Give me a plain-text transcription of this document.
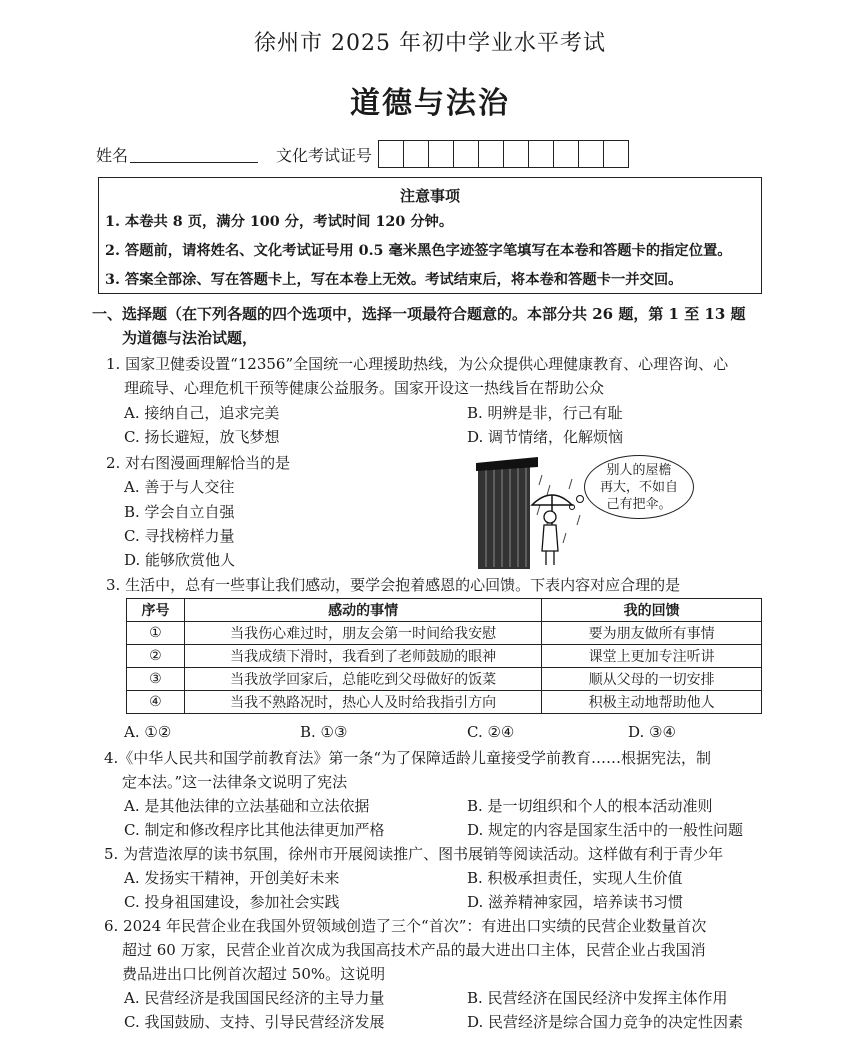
徐州市 2025 年初中学业水平考试
道德与法治
姓名	文化考试证号
注意事项
1. 本卷共 8 页，满分 100 分，考试时间 120 分钟。
2. 答题前，请将姓名、文化考试证号用 0.5 毫米黑色字迹签字笔填写在本卷和答题卡的指定位置。
3. 答案全部涂、写在答题卡上，写在本卷上无效。考试结束后，将本卷和答题卡一并交回。
一、选择题（在下列各题的四个选项中，选择一项最符合题意的。本部分共 26 题，第 1 至 13 题
为道德与法治试题，
1. 国家卫健委设置“12356”全国统一心理援助热线，为公众提供心理健康教育、心理咨询、心
理疏导、心理危机干预等健康公益服务。国家开设这一热线旨在帮助公众
A. 接纳自己，追求完美	B. 明辨是非，行己有耻
C. 扬长避短，放飞梦想	D. 调节情绪，化解烦恼
2. 对右图漫画理解恰当的是
A. 善于与人交往
B. 学会自立自强
C. 寻找榜样力量
D. 能够欣赏他人
别人的屋檐
再大，不如自
己有把伞。
3. 生活中，总有一些事让我们感动，要学会抱着感恩的心回馈。下表内容对应合理的是
序号	感动的事情	我的回馈
①	当我伤心难过时，朋友会第一时间给我安慰	要为朋友做所有事情
②	当我成绩下滑时，我看到了老师鼓励的眼神	课堂上更加专注听讲
③	当我放学回家后，总能吃到父母做好的饭菜	顺从父母的一切安排
④	当我不熟路况时，热心人及时给我指引方向	积极主动地帮助他人
A. ①②	B. ①③	C. ②④	D. ③④
4.《中华人民共和国学前教育法》第一条“为了保障适龄儿童接受学前教育……根据宪法，制
定本法。”这一法律条文说明了宪法
A. 是其他法律的立法基础和立法依据	B. 是一切组织和个人的根本活动准则
C. 制定和修改程序比其他法律更加严格	D. 规定的内容是国家生活中的一般性问题
5. 为营造浓厚的读书氛围，徐州市开展阅读推广、图书展销等阅读活动。这样做有利于青少年
A. 发扬实干精神，开创美好未来	B. 积极承担责任，实现人生价值
C. 投身祖国建设，参加社会实践	D. 滋养精神家园，培养读书习惯
6. 2024 年民营企业在我国外贸领域创造了三个“首次”：有进出口实绩的民营企业数量首次
超过 60 万家，民营企业首次成为我国高技术产品的最大进出口主体，民营企业占我国消
费品进出口比例首次超过 50%。这说明
A. 民营经济是我国国民经济的主导力量	B. 民营经济在国民经济中发挥主体作用
C. 我国鼓励、支持、引导民营经济发展	D. 民营经济是综合国力竞争的决定性因素
